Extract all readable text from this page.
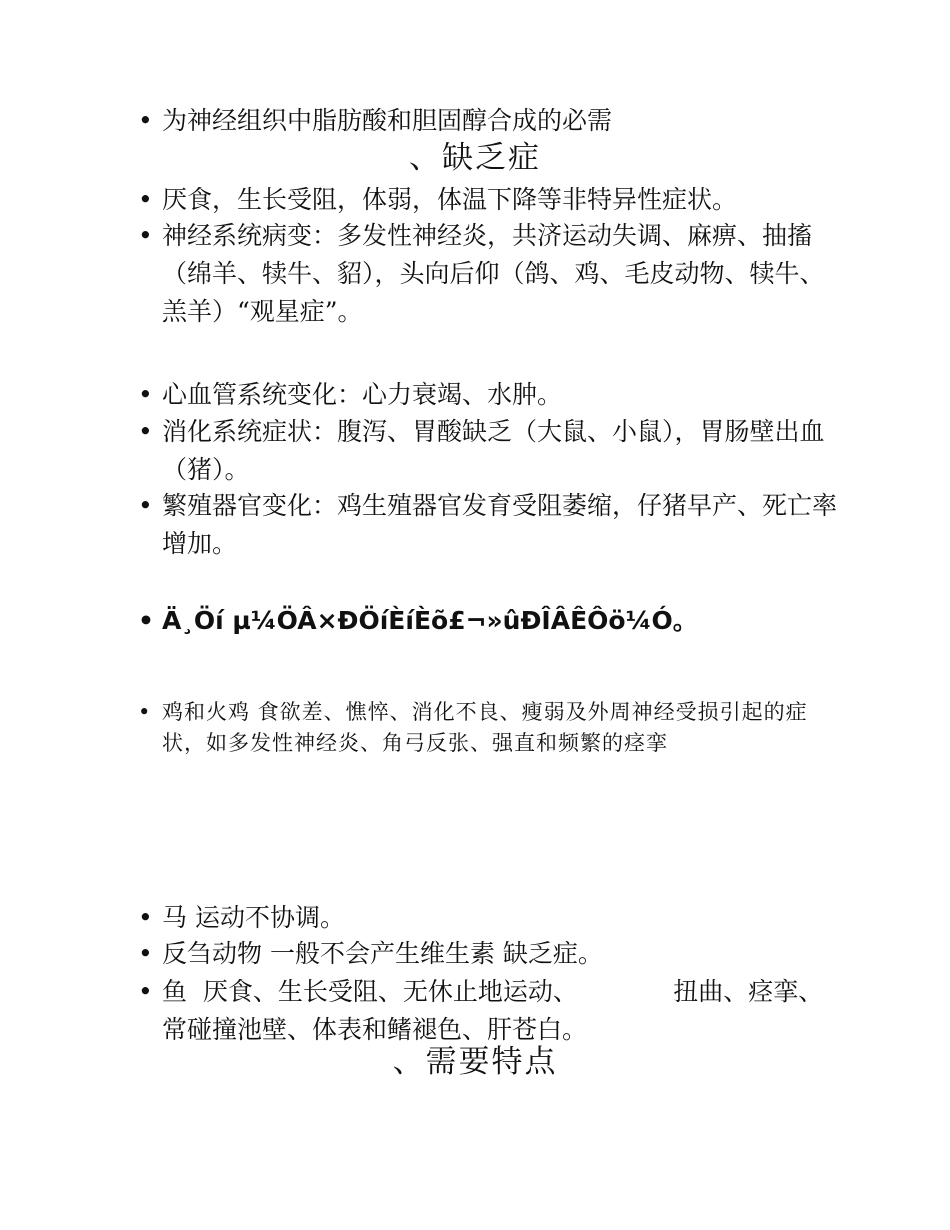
• 为神经组织中脂肪酸和胆固醇合成的必需
、缺乏症
• 厌食，生长受阻，体弱，体温下降等非特异性症状。
• 神经系统病变：多发性神经炎，共济运动失调、麻痹、抽搐（绵羊、犊牛、貂），头向后仰（鸽、鸡、毛皮动物、犊牛、羔羊）“观星症”。
• 心血管系统变化：心力衰竭、水肿。
• 消化系统症状：腹泻、胃酸缺乏（大鼠、小鼠），胃肠壁出血（猪）。
• 繁殖器官变化：鸡生殖器官发育受阻萎缩，仔猪早产、死亡率增加。
• Ä¸Öí µ¼ÖÂ×ÐÖíÈíÈõ£¬»ûÐÎÂÊÔö¼Ó。
• 鸡和火鸡 食欲差、憔悴、消化不良、瘦弱及外周神经受损引起的症状，如多发性神经炎、角弓反张、强直和频繁的痉挛
• 马 运动不协调。
• 反刍动物 一般不会产生维生素 缺乏症。
• 鱼  厌食、生长受阻、无休止地运动、            扭曲、痉挛、常碰撞池壁、体表和鳍褪色、肝苍白。
、需要特点
